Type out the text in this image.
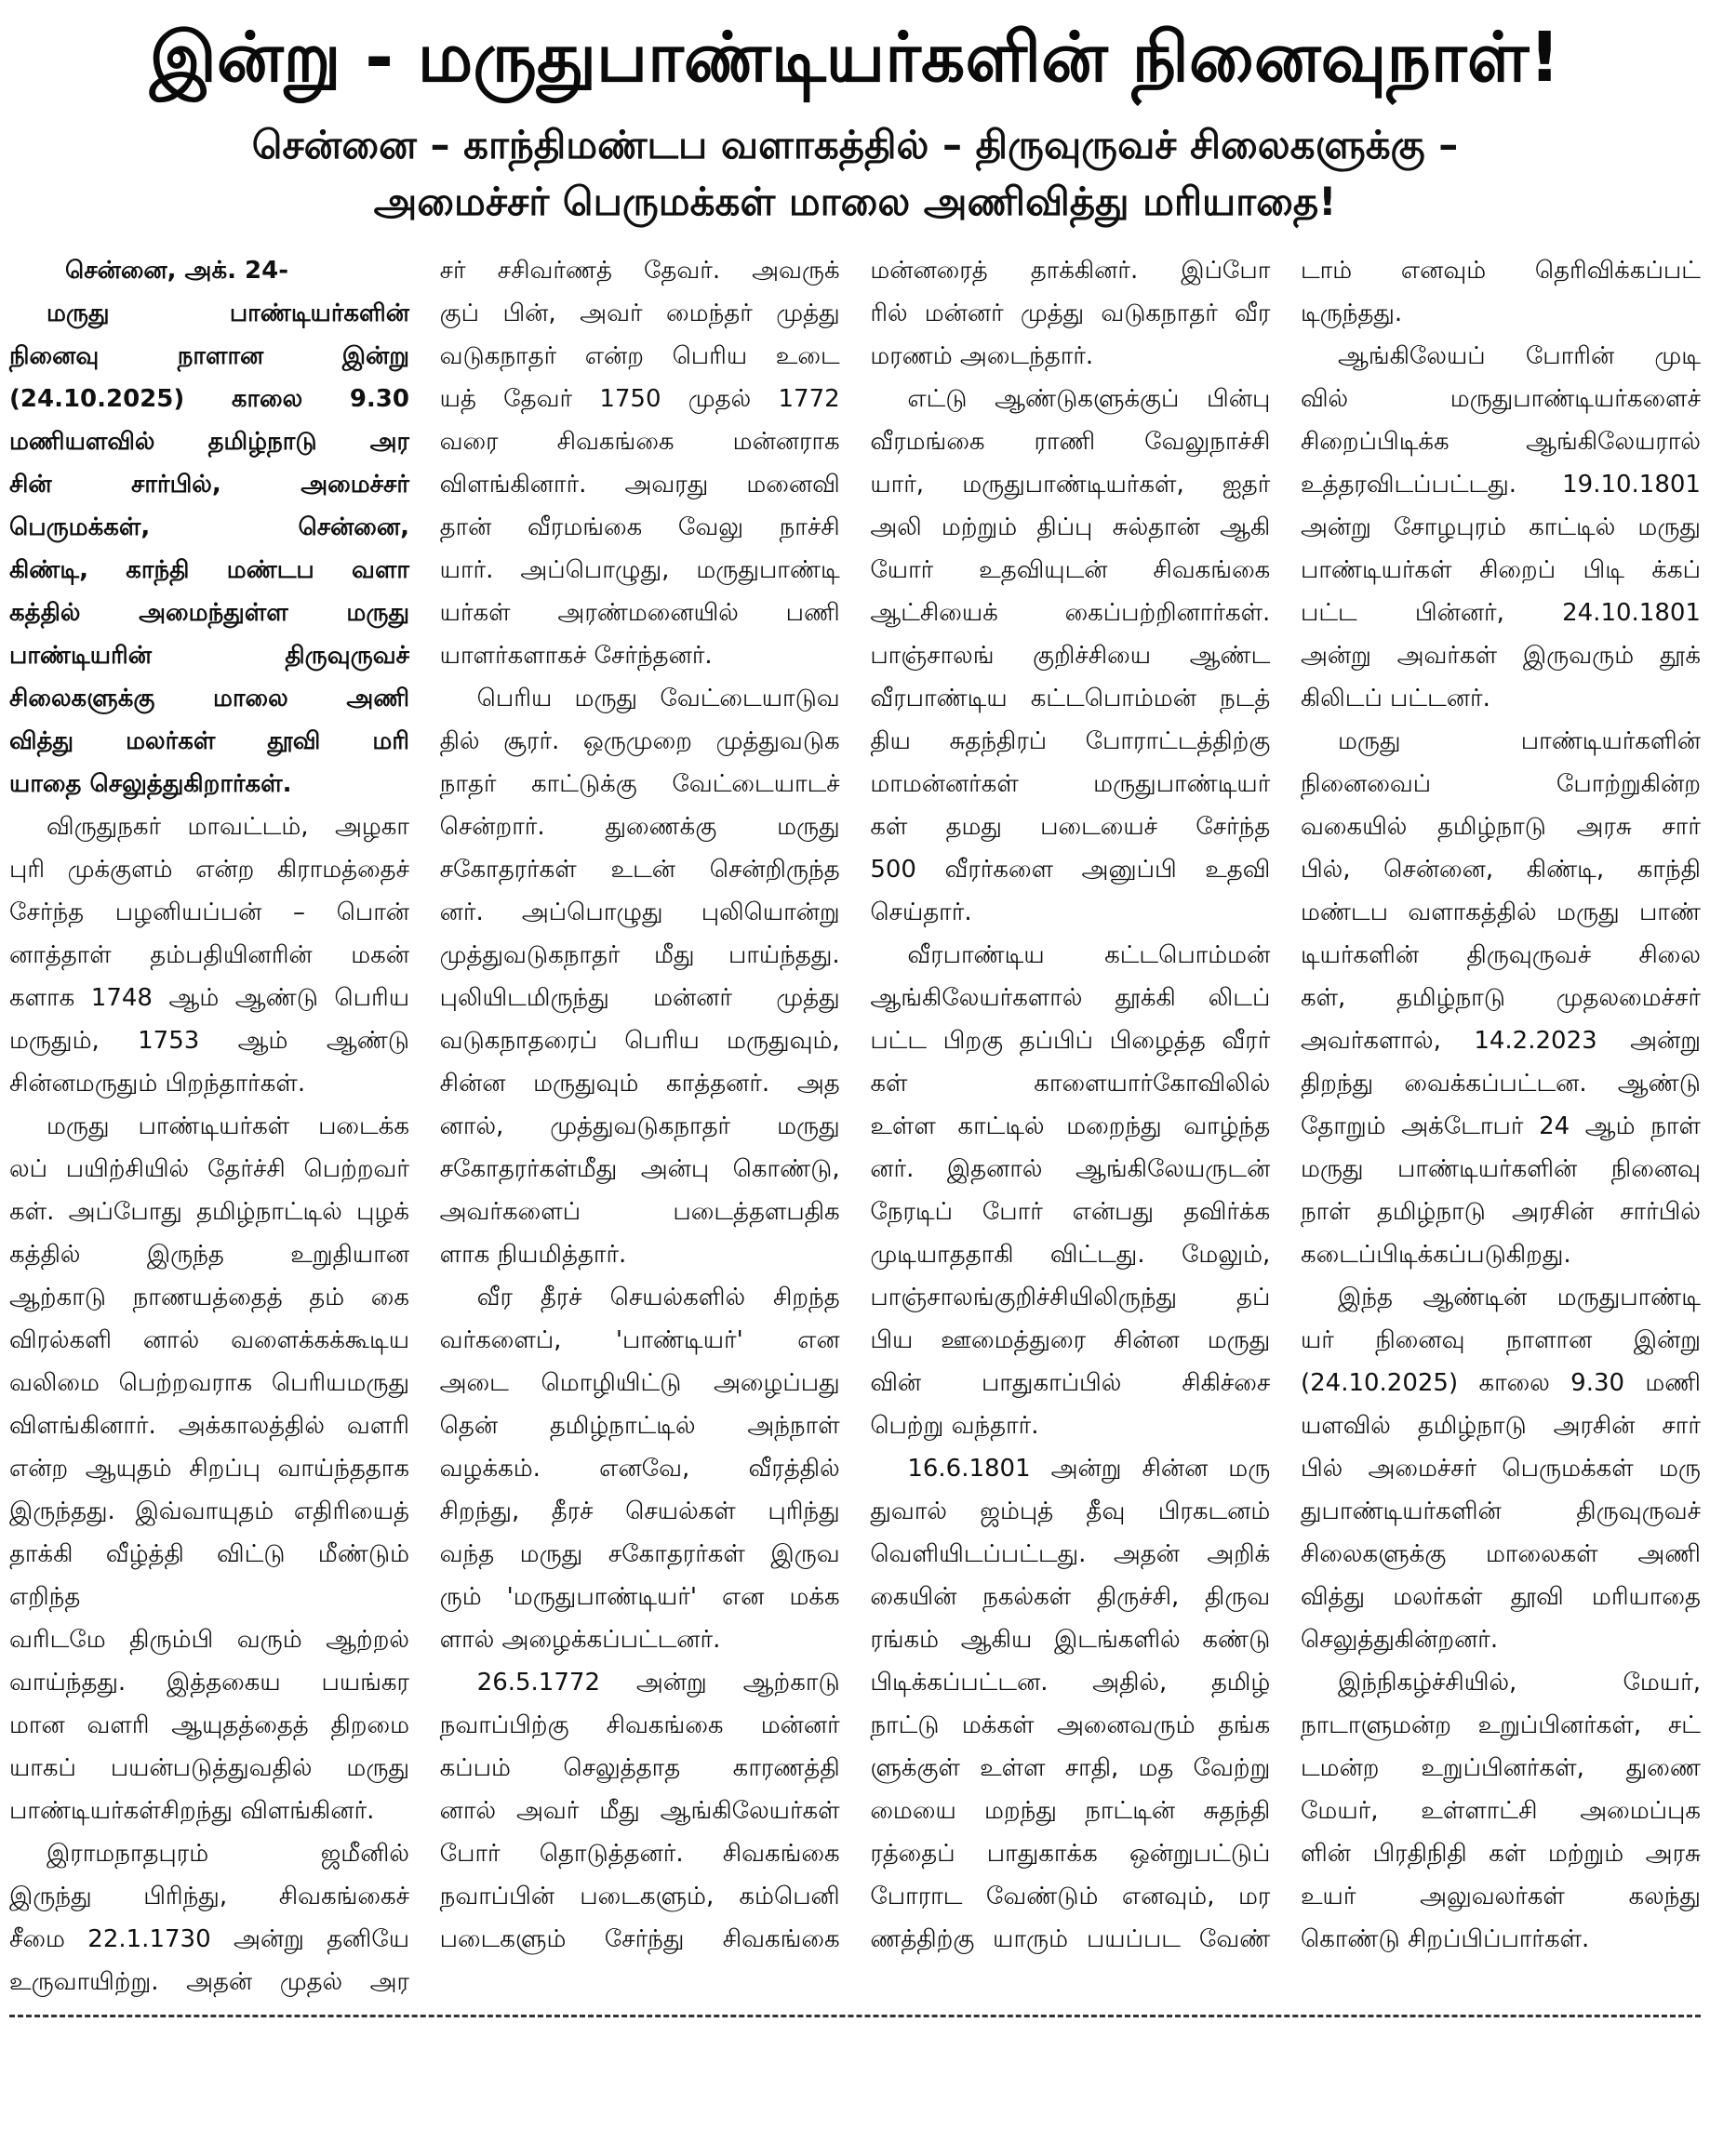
இன்று - மருதுபாண்டியர்களின் நினைவுநாள்!
சென்னை – காந்திமண்டப வளாகத்தில் – திருவுருவச் சிலைகளுக்கு –
அமைச்சர் பெருமக்கள் மாலை அணிவித்து மரியாதை!
சென்னை, அக். 24-
மருது பாண்டியர்களின்
நினைவு நாளான இன்று
(24.10.2025) காலை 9.30
மணியளவில் தமிழ்நாடு அர
சின் சார்பில், அமைச்சர்
பெருமக்கள், சென்னை,
கிண்டி, காந்தி மண்டப வளா
கத்தில் அமைந்துள்ள மருது
பாண்டியரின் திருவுருவச்
சிலைகளுக்கு மாலை அணி
வித்து மலர்கள் தூவி மரி
யாதை செலுத்துகிறார்கள்.
விருதுநகர் மாவட்டம், அழகா
புரி முக்குளம் என்ற கிராமத்தைச்
சேர்ந்த பழனியப்பன் – பொன்
னாத்தாள் தம்பதியினரின் மகன்
களாக 1748 ஆம் ஆண்டு பெரிய
மருதும், 1753 ஆம் ஆண்டு
சின்னமருதும் பிறந்தார்கள்.
மருது பாண்டியர்கள் படைக்க
லப் பயிற்சியில் தேர்ச்சி பெற்றவர்
கள். அப்போது தமிழ்நாட்டில் புழக்
கத்தில் இருந்த உறுதியான
ஆற்காடு நாணயத்தைத் தம் கை
விரல்களி னால் வளைக்கக்கூடிய
வலிமை பெற்றவராக பெரியமருது
விளங்கினார். அக்காலத்தில் வளரி
என்ற ஆயுதம் சிறப்பு வாய்ந்ததாக
இருந்தது. இவ்வாயுதம் எதிரியைத்
தாக்கி வீழ்த்தி விட்டு மீண்டும் எறிந்த
வரிடமே திரும்பி வரும் ஆற்றல்
வாய்ந்தது. இத்தகைய பயங்கர
மான வளரி ஆயுதத்தைத் திறமை
யாகப் பயன்படுத்துவதில் மருது
பாண்டியர்கள்சிறந்து விளங்கினர்.
இராமநாதபுரம் ஜமீனில்
இருந்து பிரிந்து, சிவகங்கைச்
சீமை 22.1.1730 அன்று தனியே
உருவாயிற்று. அதன் முதல் அர
சர் சசிவர்ணத் தேவர். அவருக்
குப் பின், அவர் மைந்தர் முத்து
வடுகநாதர் என்ற பெரிய உடை
யத் தேவர் 1750 முதல் 1772
வரை சிவகங்கை மன்னராக
விளங்கினார். அவரது மனைவி
தான் வீரமங்கை வேலு நாச்சி
யார். அப்பொழுது, மருதுபாண்டி
யர்கள் அரண்மனையில் பணி
யாளர்களாகச் சேர்ந்தனர்.
பெரிய மருது வேட்டையாடுவ
தில் சூரர். ஒருமுறை முத்துவடுக
நாதர் காட்டுக்கு வேட்டையாடச்
சென்றார். துணைக்கு மருது
சகோதரர்கள் உடன் சென்றிருந்த
னர். அப்பொழுது புலியொன்று
முத்துவடுகநாதர் மீது பாய்ந்தது.
புலியிடமிருந்து மன்னர் முத்து
வடுகநாதரைப் பெரிய மருதுவும்,
சின்ன மருதுவும் காத்தனர். அத
னால், முத்துவடுகநாதர் மருது
சகோதரர்கள்மீது அன்பு கொண்டு,
அவர்களைப் படைத்தளபதிக
ளாக நியமித்தார்.
வீர தீரச் செயல்களில் சிறந்த
வர்களைப், 'பாண்டியர்' என
அடை மொழியிட்டு அழைப்பது
தென் தமிழ்நாட்டில் அந்நாள்
வழக்கம். எனவே, வீரத்தில்
சிறந்து, தீரச் செயல்கள் புரிந்து
வந்த மருது சகோதரர்கள் இருவ
ரும் 'மருதுபாண்டியர்' என மக்க
ளால் அழைக்கப்பட்டனர்.
26.5.1772 அன்று ஆற்காடு
நவாப்பிற்கு சிவகங்கை மன்னர்
கப்பம் செலுத்தாத காரணத்தி
னால் அவர் மீது ஆங்கிலேயர்கள்
போர் தொடுத்தனர். சிவகங்கை
நவாப்பின் படைகளும், கம்பெனி
படைகளும் சேர்ந்து சிவகங்கை
மன்னரைத் தாக்கினர். இப்போ
ரில் மன்னர் முத்து வடுகநாதர் வீர
மரணம் அடைந்தார்.
எட்டு ஆண்டுகளுக்குப் பின்பு
வீரமங்கை ராணி வேலுநாச்சி
யார், மருதுபாண்டியர்கள், ஐதர்
அலி மற்றும் திப்பு சுல்தான் ஆகி
யோர் உதவியுடன் சிவகங்கை
ஆட்சியைக் கைப்பற்றினார்கள்.
பாஞ்சாலங் குறிச்சியை ஆண்ட
வீரபாண்டிய கட்டபொம்மன் நடத்
திய சுதந்திரப் போராட்டத்திற்கு
மாமன்னர்கள் மருதுபாண்டியர்
கள் தமது படையைச் சேர்ந்த
500 வீரர்களை அனுப்பி உதவி
செய்தார்.
வீரபாண்டிய கட்டபொம்மன்
ஆங்கிலேயர்களால் தூக்கி லிடப்
பட்ட பிறகு தப்பிப் பிழைத்த வீரர்
கள் காளையார்கோவிலில்
உள்ள காட்டில் மறைந்து வாழ்ந்த
னர். இதனால் ஆங்கிலேயருடன்
நேரடிப் போர் என்பது தவிர்க்க
முடியாததாகி விட்டது. மேலும்,
பாஞ்சாலங்குறிச்சியிலிருந்து தப்
பிய ஊமைத்துரை சின்ன மருது
வின் பாதுகாப்பில் சிகிச்சை
பெற்று வந்தார்.
16.6.1801 அன்று சின்ன மரு
துவால் ஜம்புத் தீவு பிரகடனம்
வெளியிடப்பட்டது. அதன் அறிக்
கையின் நகல்கள் திருச்சி, திருவ
ரங்கம் ஆகிய இடங்களில் கண்டு
பிடிக்கப்பட்டன. அதில், தமிழ்
நாட்டு மக்கள் அனைவரும் தங்க
ளுக்குள் உள்ள சாதி, மத வேற்று
மையை மறந்து நாட்டின் சுதந்தி
ரத்தைப் பாதுகாக்க ஒன்றுபட்டுப்
போராட வேண்டும் எனவும், மர
ணத்திற்கு யாரும் பயப்பட வேண்
டாம் எனவும் தெரிவிக்கப்பட்
டிருந்தது.
ஆங்கிலேயப் போரின் முடி
வில் மருதுபாண்டியர்களைச்
சிறைப்பிடிக்க ஆங்கிலேயரால்
உத்தரவிடப்பட்டது. 19.10.1801
அன்று சோழபுரம் காட்டில் மருது
பாண்டியர்கள் சிறைப் பிடி க்கப்
பட்ட பின்னர், 24.10.1801
அன்று அவர்கள் இருவரும் தூக்
கிலிடப் பட்டனர்.
மருது பாண்டியர்களின்
நினைவைப் போற்றுகின்ற
வகையில் தமிழ்நாடு அரசு சார்
பில், சென்னை, கிண்டி, காந்தி
மண்டப வளாகத்தில் மருது பாண்
டியர்களின் திருவுருவச் சிலை
கள், தமிழ்நாடு முதலமைச்சர்
அவர்களால், 14.2.2023 அன்று
திறந்து வைக்கப்பட்டன. ஆண்டு
தோறும் அக்டோபர் 24 ஆம் நாள்
மருது பாண்டியர்களின் நினைவு
நாள் தமிழ்நாடு அரசின் சார்பில்
கடைப்பிடிக்கப்படுகிறது.
இந்த ஆண்டின் மருதுபாண்டி
யர் நினைவு நாளான இன்று
(24.10.2025) காலை 9.30 மணி
யளவில் தமிழ்நாடு அரசின் சார்
பில் அமைச்சர் பெருமக்கள் மரு
துபாண்டியர்களின் திருவுருவச்
சிலைகளுக்கு மாலைகள் அணி
வித்து மலர்கள் தூவி மரியாதை
செலுத்துகின்றனர்.
இந்நிகழ்ச்சியில், மேயர்,
நாடாளுமன்ற உறுப்பினர்கள், சட்
டமன்ற உறுப்பினர்கள், துணை
மேயர், உள்ளாட்சி அமைப்புக
ளின் பிரதிநிதி கள் மற்றும் அரசு
உயர் அலுவலர்கள் கலந்து
கொண்டு சிறப்பிப்பார்கள்.
